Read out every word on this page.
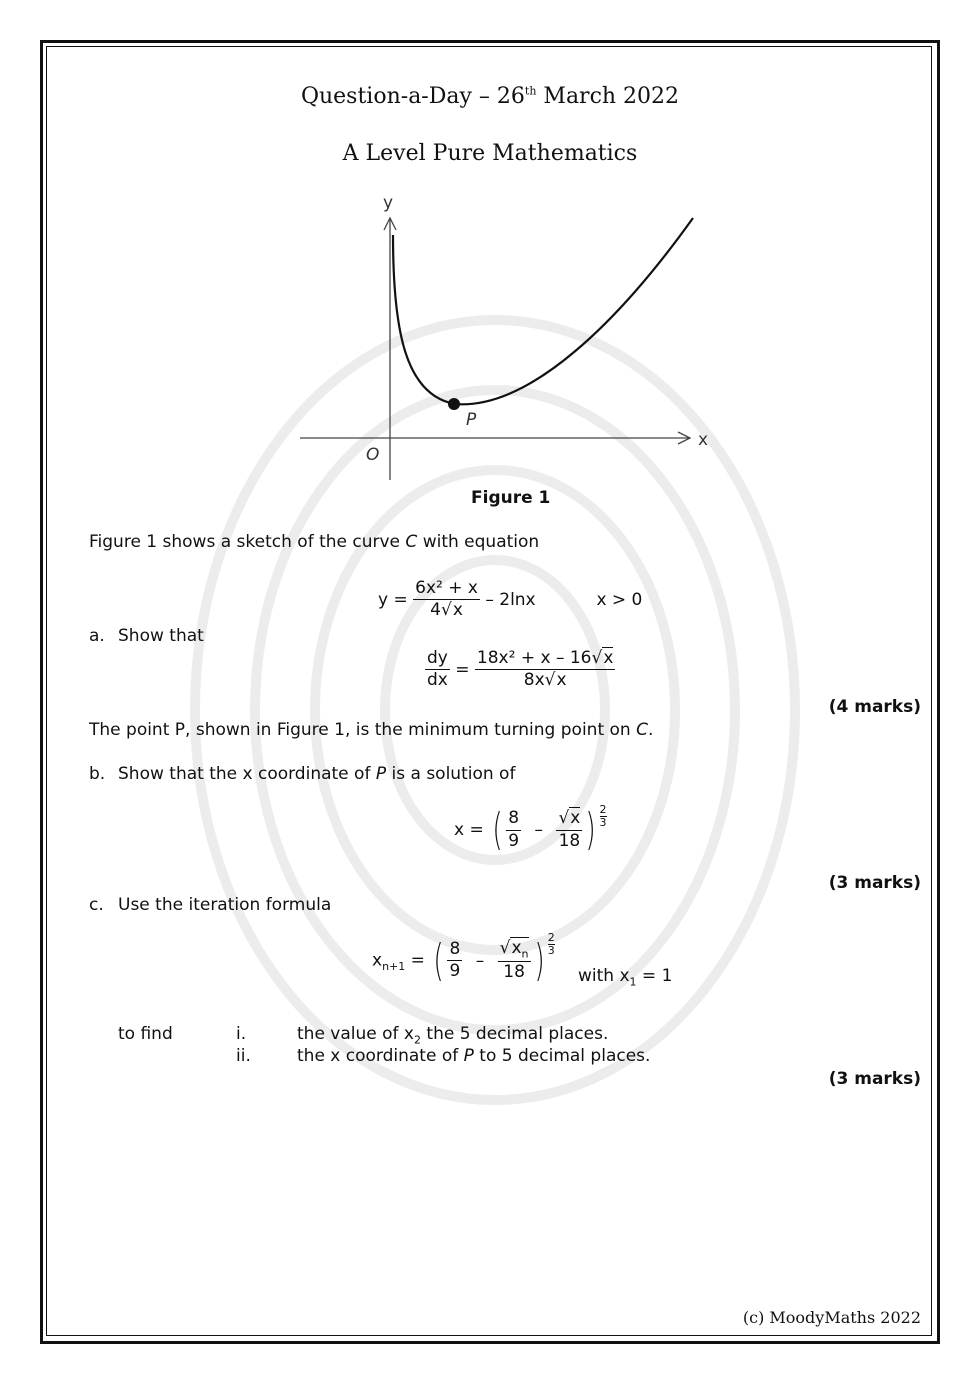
Question-a-Day – 26th March 2022
A Level Pure Mathematics
y
x
O
P
Figure 1
Figure 1 shows a sketch of the curve C with equation
$y = \frac{\text{6x² + x}}{4√x} - 2\ln x$	x > 0
a. Show that
$\frac{dy}{dx} = \frac{\text{18x² + x – 16√x}}{8x√x}$
(4 marks)
The point P, shown in Figure 1, is the minimum turning point on C.
b. Show that the x coordinate of P is a solution of
x = ( $\frac{8}{9} - \frac{√x}{18}$ ) $\frac{2}{3}$
(3 marks)
c. Use the iteration formula
$x_{n+1}$ = ( $\frac{8}{9} - \frac{√x_n}{18}$ ) $\frac{2}{3}$
with $x_1 = 1$
to find	i.	the value of $x_2$ the 5 decimal places.
ii.	the x coordinate of P to 5 decimal places.
(3 marks)
(c) MoodyMaths 2022
